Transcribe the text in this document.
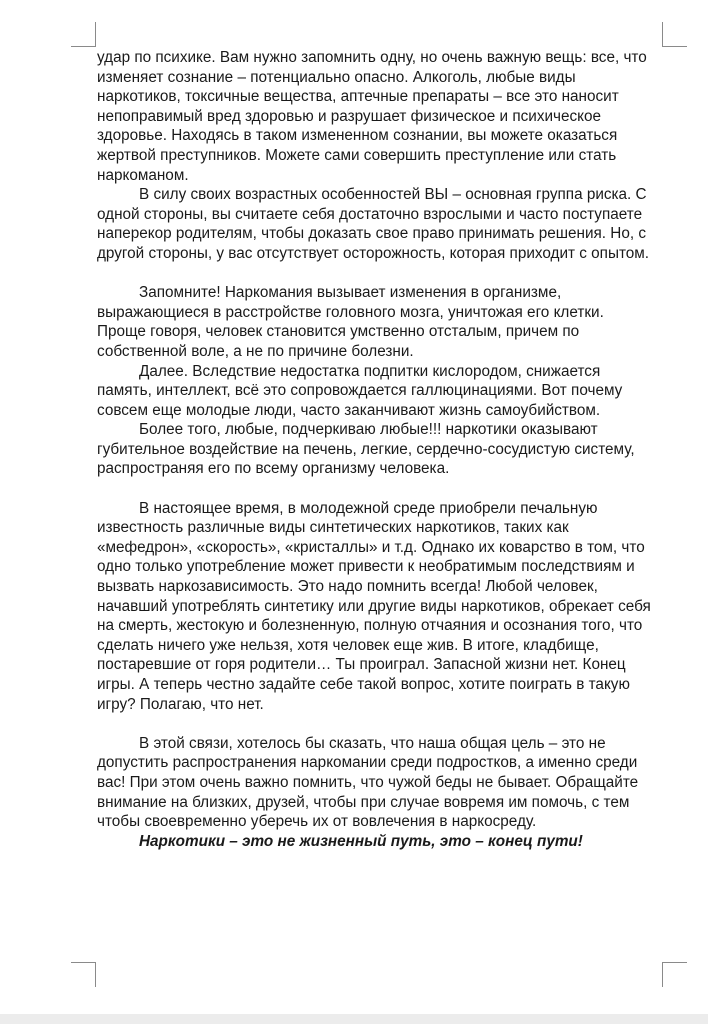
удар по психике. Вам нужно запомнить одну, но очень важную вещь: все, что изменяет сознание – потенциально опасно. Алкоголь, любые виды наркотиков, токсичные вещества, аптечные препараты – все это наносит непоправимый вред здоровью и разрушает физическое и психическое здоровье. Находясь в таком измененном сознании, вы можете оказаться жертвой преступников. Можете сами совершить преступление или стать наркоманом.

В силу своих возрастных особенностей ВЫ – основная группа риска. С одной стороны, вы считаете себя достаточно взрослыми и часто поступаете наперекор родителям, чтобы доказать свое право принимать решения. Но, с другой стороны, у вас отсутствует осторожность, которая приходит с опытом.

Запомните! Наркомания вызывает изменения в организме, выражающиеся в расстройстве головного мозга, уничтожая его клетки. Проще говоря, человек становится умственно отсталым, причем по собственной воле, а не по причине болезни.

Далее. Вследствие недостатка подпитки кислородом, снижается память, интеллект, всё это сопровождается галлюцинациями. Вот почему совсем еще молодые люди, часто заканчивают жизнь самоубийством.

Более того, любые, подчеркиваю любые!!! наркотики оказывают губительное воздействие на печень, легкие, сердечно-сосудистую систему, распространяя его по всему организму человека.

В настоящее время, в молодежной среде приобрели печальную известность различные виды синтетических наркотиков, таких как «мефедрон», «скорость», «кристаллы» и т.д. Однако их коварство в том, что одно только употребление может привести к необратимым последствиям и вызвать наркозависимость. Это надо помнить всегда! Любой человек, начавший употреблять синтетику или другие виды наркотиков, обрекает себя на смерть, жестокую и болезненную, полную отчаяния и осознания того, что сделать ничего уже нельзя, хотя человек еще жив. В итоге, кладбище, постаревшие от горя родители… Ты проиграл. Запасной жизни нет. Конец игры. А теперь честно задайте себе такой вопрос, хотите поиграть в такую игру? Полагаю, что нет.

В этой связи, хотелось бы сказать, что наша общая цель – это не допустить распространения наркомании среди подростков, а именно среди вас! При этом очень важно помнить, что чужой беды не бывает. Обращайте внимание на близких, друзей, чтобы при случае вовремя им помочь, с тем чтобы своевременно уберечь их от вовлечения в наркосреду.

Наркотики – это не жизненный путь, это – конец пути!
